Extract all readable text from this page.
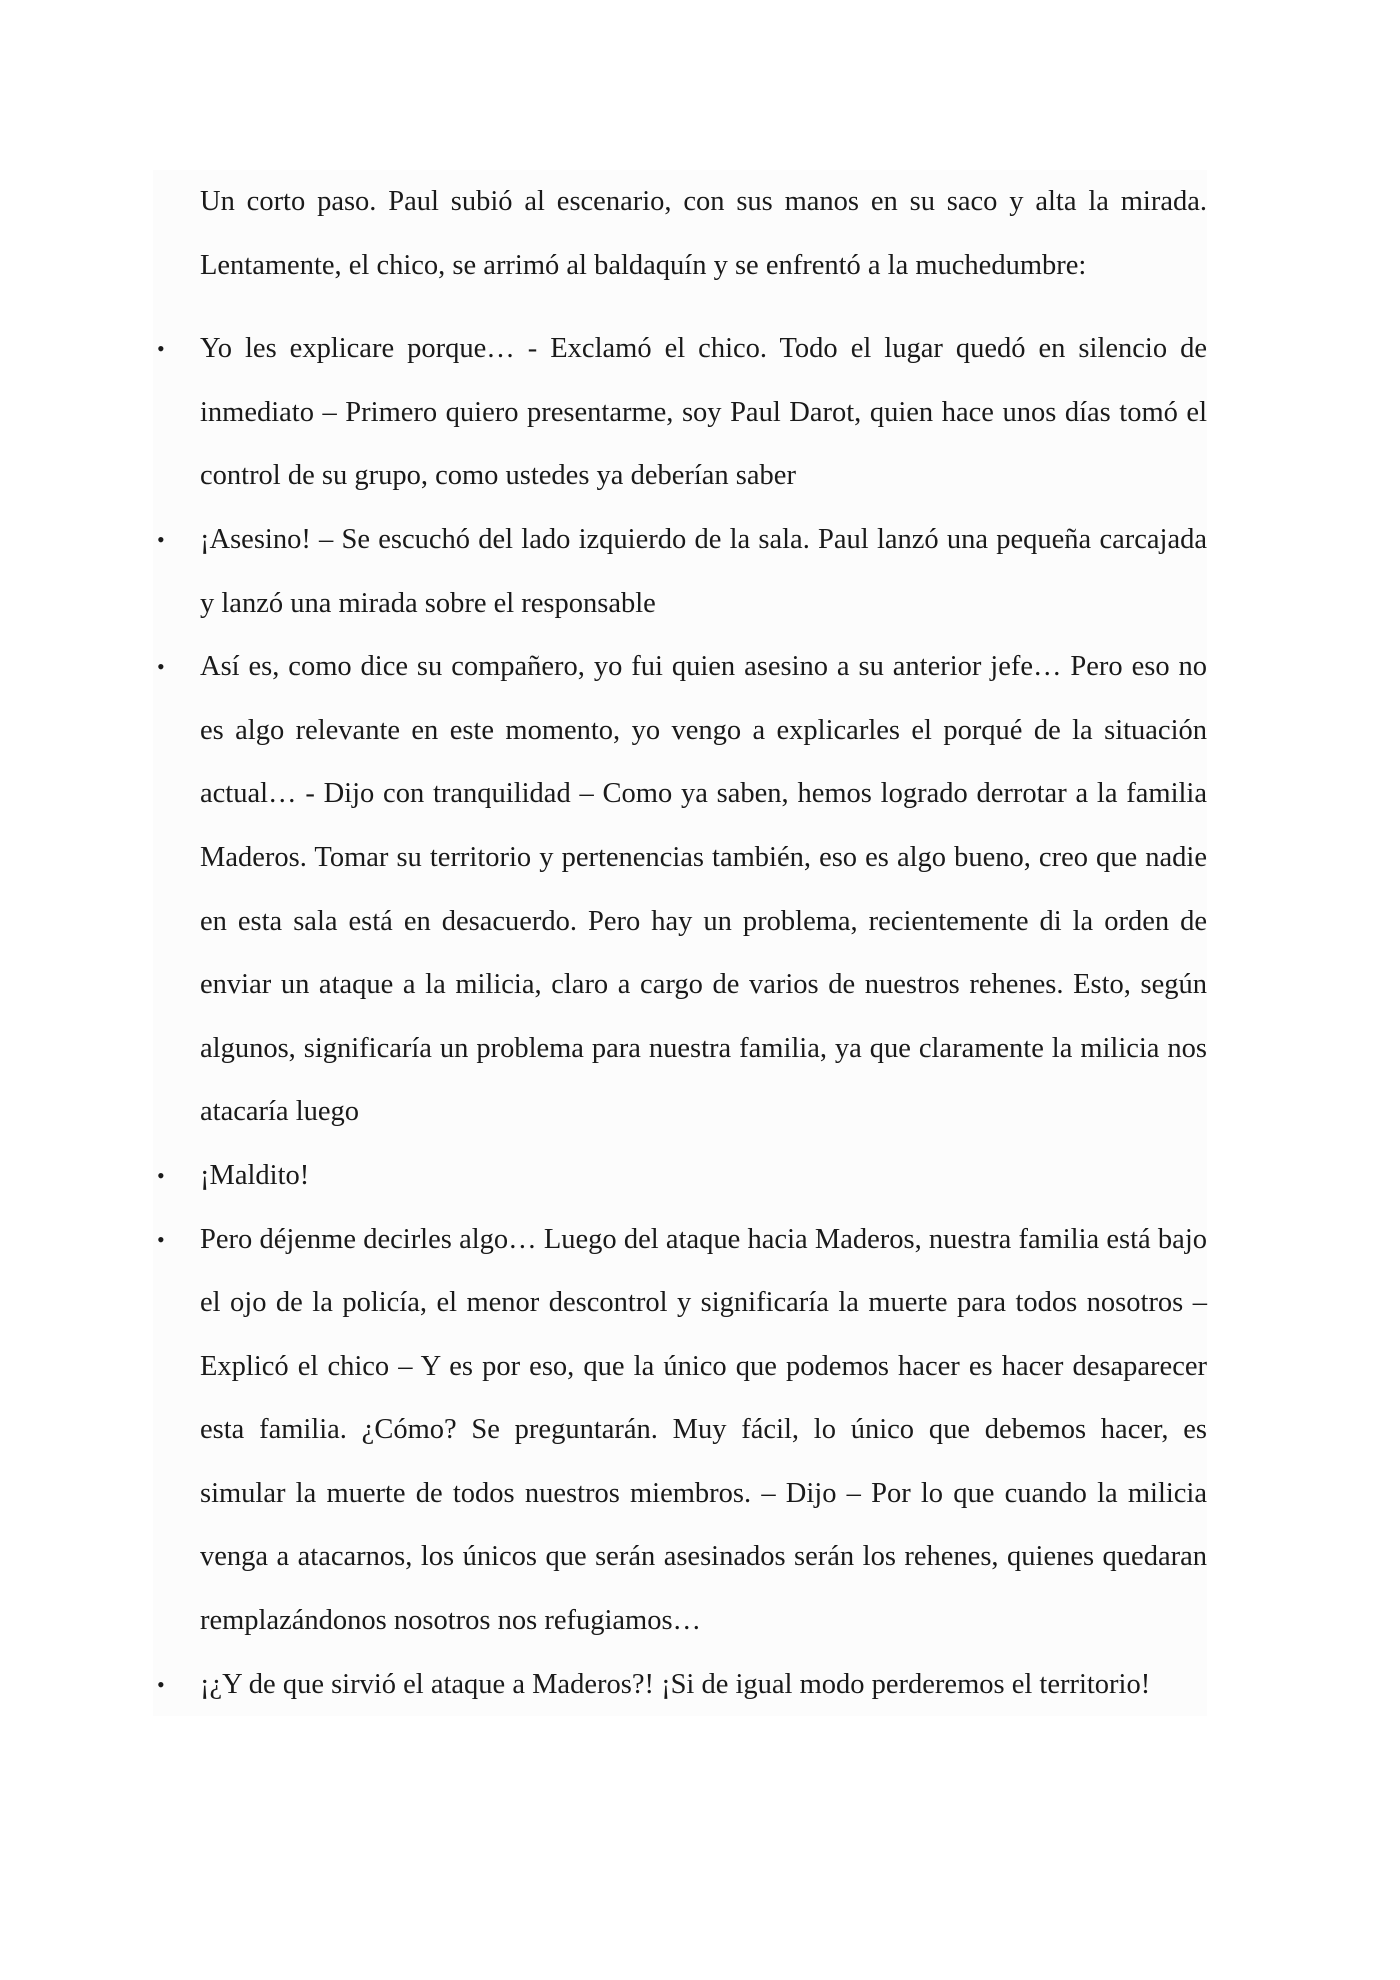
Un corto paso. Paul subió al escenario, con sus manos en su saco y alta la mirada. Lentamente, el chico, se arrimó al baldaquín y se enfrentó a la muchedumbre:

• Yo les explicare porque… - Exclamó el chico. Todo el lugar quedó en silencio de inmediato – Primero quiero presentarme, soy Paul Darot, quien hace unos días tomó el control de su grupo, como ustedes ya deberían saber

• ¡Asesino! – Se escuchó del lado izquierdo de la sala. Paul lanzó una pequeña carcajada y lanzó una mirada sobre el responsable

• Así es, como dice su compañero, yo fui quien asesino a su anterior jefe… Pero eso no es algo relevante en este momento, yo vengo a explicarles el porqué de la situación actual… - Dijo con tranquilidad – Como ya saben, hemos logrado derrotar a la familia Maderos. Tomar su territorio y pertenencias también, eso es algo bueno, creo que nadie en esta sala está en desacuerdo. Pero hay un problema, recientemente di la orden de enviar un ataque a la milicia, claro a cargo de varios de nuestros rehenes. Esto, según algunos, significaría un problema para nuestra familia, ya que claramente la milicia nos atacaría luego

• ¡Maldito!

• Pero déjenme decirles algo… Luego del ataque hacia Maderos, nuestra familia está bajo el ojo de la policía, el menor descontrol y significaría la muerte para todos nosotros – Explicó el chico – Y es por eso, que la único que podemos hacer es hacer desaparecer esta familia. ¿Cómo? Se preguntarán. Muy fácil, lo único que debemos hacer, es simular la muerte de todos nuestros miembros. – Dijo – Por lo que cuando la milicia venga a atacarnos, los únicos que serán asesinados serán los rehenes, quienes quedaran remplazándonos nosotros nos refugiamos…

• ¡¿Y de que sirvió el ataque a Maderos?! ¡Si de igual modo perderemos el territorio!
